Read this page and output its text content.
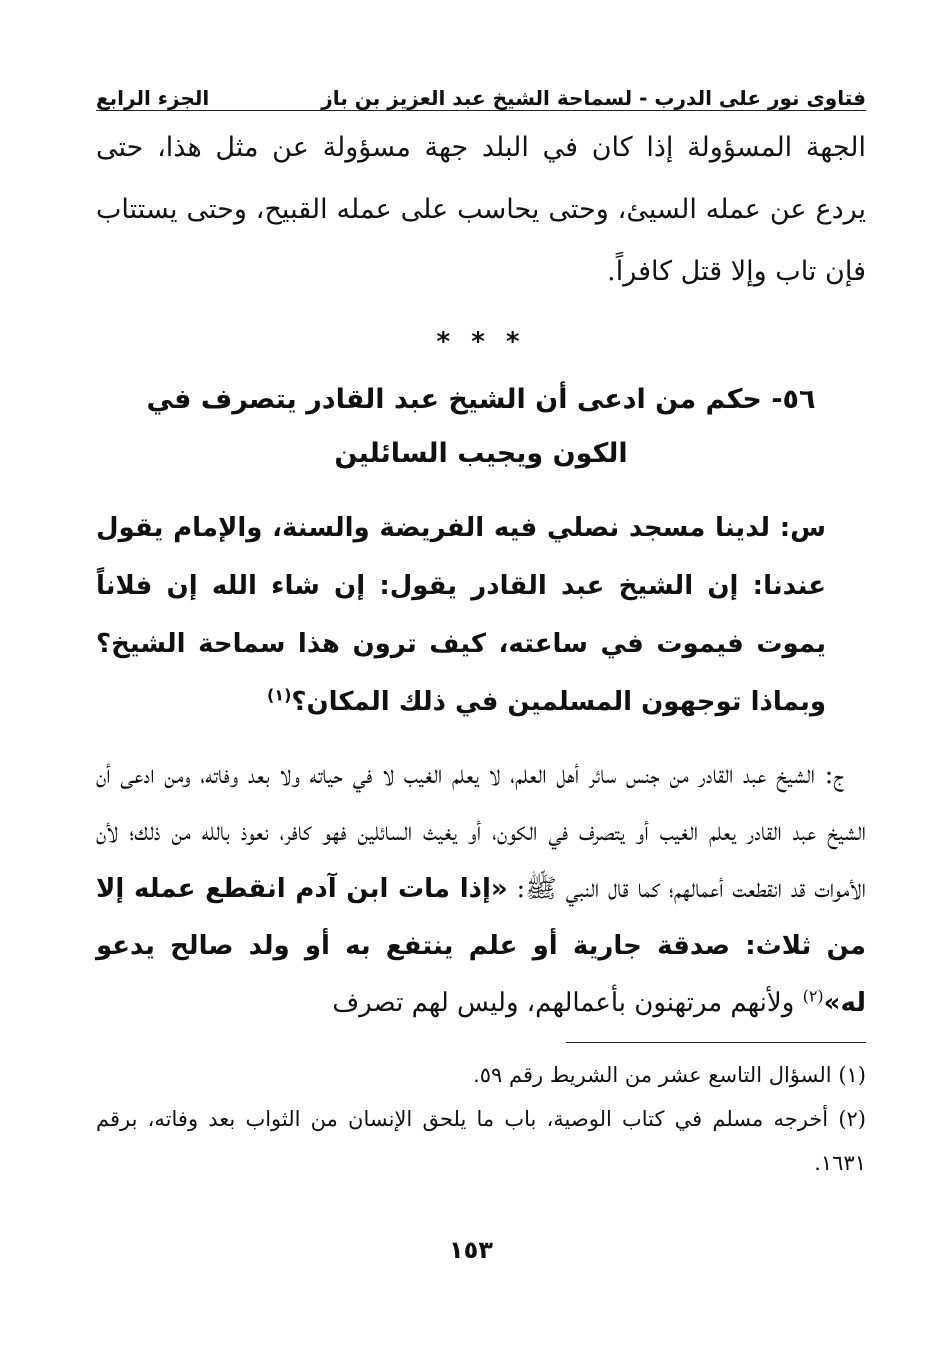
فتاوى نور على الدرب - لسماحة الشيخ عبد العزيز بن باز
الجزء الرابع

الجهة المسؤولة إذا كان في البلد جهة مسؤولة عن مثل هذا، حتى يردع عن عمله السيئ، وحتى يحاسب على عمله القبيح، وحتى يستتاب فإن تاب وإلا قتل كافراً.

* * *
٥٦- حكم من ادعى أن الشيخ عبد القادر يتصرف في الكون ويجيب السائلين

س: لدينا مسجد نصلي فيه الفريضة والسنة، والإمام يقول عندنا: إن الشيخ عبد القادر يقول: إن شاء الله إن فلاناً يموت فيموت في ساعته، كيف ترون هذا سماحة الشيخ؟ وبماذا توجهون المسلمين في ذلك المكان؟$^{(١)}$

ج: الشيخ عبد القادر من جنس سائر أهل العلم، لا يعلم الغيب لا في حياته ولا بعد وفاته، ومن ادعى أن الشيخ عبد القادر يعلم الغيب أو يتصرف في الكون، أو يغيث السائلين فهو كافر، نعوذ بالله من ذلك؛ لأن الأموات قد انقطعت أعمالهم؛ كما قال النبي ﷺ: «إذا مات ابن آدم انقطع عمله إلا من ثلاث: صدقة جارية أو علم ينتفع به أو ولد صالح يدعو له»$^{(٢)}$ ولأنهم مرتهنون بأعمالهم، وليس لهم تصرف

(١) السؤال التاسع عشر من الشريط رقم ٥٩.

(٢) أخرجه مسلم في كتاب الوصية، باب ما يلحق الإنسان من الثواب بعد وفاته، برقم ١٦٣١.

١٥٣
